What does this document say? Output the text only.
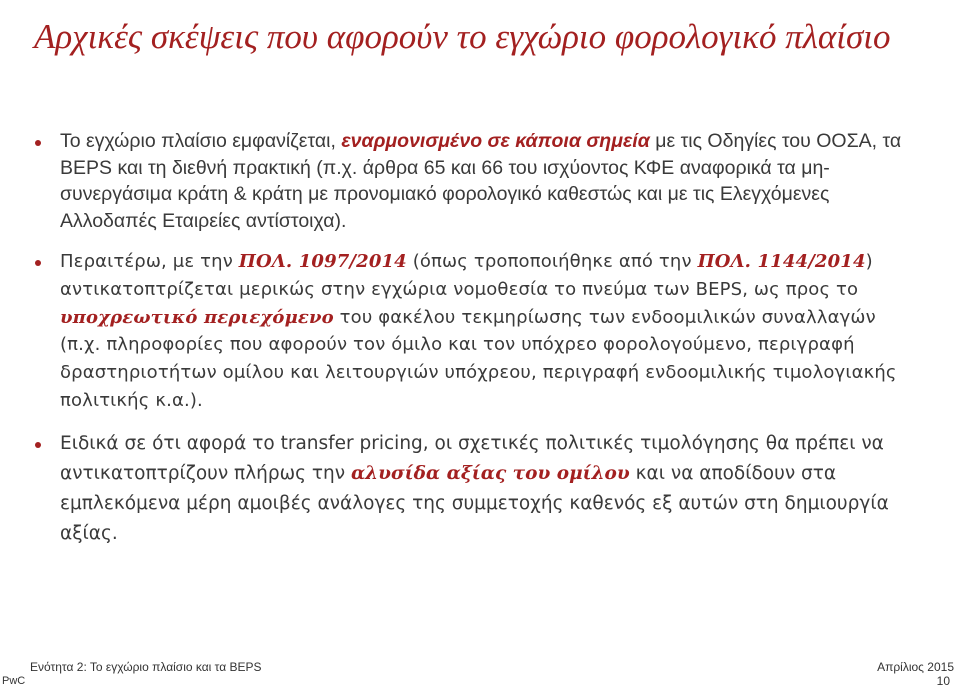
Αρχικές σκέψεις που αφορούν το εγχώριο φορολογικό πλαίσιο
Το εγχώριο πλαίσιο εμφανίζεται, εναρμονισμένο σε κάποια σημεία με τις Οδηγίες του ΟΟΣΑ, τα BEPS και τη διεθνή πρακτική (π.χ. άρθρα 65 και 66 του ισχύοντος ΚΦΕ αναφορικά τα μη-συνεργάσιμα κράτη & κράτη με προνομιακό φορολογικό καθεστώς και με τις Ελεγχόμενες Αλλοδαπές Εταιρείες αντίστοιχα).
Περαιτέρω, με την ΠΟΛ. 1097/2014 (όπως τροποποιήθηκε από την ΠΟΛ. 1144/2014) αντικατοπτρίζεται μερικώς στην εγχώρια νομοθεσία το πνεύμα των BEPS, ως προς το υποχρεωτικό περιεχόμενο του φακέλου τεκμηρίωσης των ενδοομιλικών συναλλαγών (π.χ. πληροφορίες που αφορούν τον όμιλο και τον υπόχρεο φορολογούμενο, περιγραφή δραστηριοτήτων ομίλου και λειτουργιών υπόχρεου, περιγραφή ενδοομιλικής τιμολογιακής πολιτικής κ.α.).
Ειδικά σε ότι αφορά το transfer pricing, οι σχετικές πολιτικές τιμολόγησης θα πρέπει να αντικατοπτρίζουν πλήρως την αλυσίδα αξίας του ομίλου και να αποδίδουν στα εμπλεκόμενα μέρη αμοιβές ανάλογες της συμμετοχής καθενός εξ αυτών στη δημιουργία αξίας.
Ενότητα 2: Το εγχώριο πλαίσιο και τα BEPS	Απρίλιος 2015
PwC	10
